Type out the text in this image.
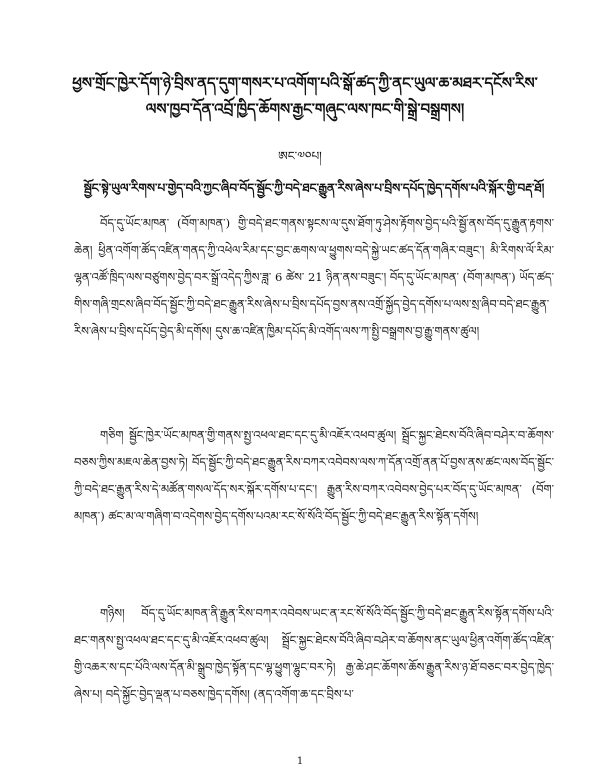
ཕྱས་གྲོང་ཁྱེར་དོག་ཉེ་བྲིས་ནད་དུག་གསར་པ་འགོག་པའི་སྒོ་ཚད་ཀྱི་ནང་ཡུལ་ཆ་མཐར་དངོས་རིས་ལས་ཁྱབ་དོན་འབྲོ་ཁྱིད་ཆོགས་རྒྱང་གཞུང་ལས་ཁང་གི་སྒྲེ་བསྒྲགས།
ཨང་༧༠པ།
སྦྱོང་སྟེ་ཡུལ་རིགས་པ་གྱེད་བའི་ཀྱང་ཞིབ་བོད་སྦྱོང་ཀྱི་བདེ་ཐང་རྒྱུན་རིས་ཞེས་པ་བྲིས་དཔོད་ཁྱེད་དགོས་པའི་སྐོར་གྱི་བརྡ་ཐོ།
བོད་དུ་ཡོང་མཁན་ (བོག་མཁན་) གྱི་བདེ་ཐང་གནས་སྟངས་ལ་དུས་ཐོག་ཏུ་ཤེས་རྟོགས་བྱེད་པའི་སྦྱོ་ནས་བོད་དུ་རྒྱུན་རྟགས་ཆེན། ཕྱིན་འགོག་ཚོད་འཛིན་གནད་ཀྱི་འཕེལ་རིམ་དང་བྱང་ཆགས་ལ་ཕྱུགས་བདེ་སྐྱེ་ཡང་ཚད་དོན་གཞིར་བཟུང་། མི་རིགས་ལོ་རིམ་ལྷན་འཚོ་ཁྲིད་ལས་བཙུགས་བྱེད་བར་སྒྲོ་འདེད་ཀྱིས་ཟླ་ 6 ཚེས་ 21 ཉིན་ནས་བཟུང་། བོད་དུ་ཡོང་མཁན་ (བོག་མཁན་) ཡོད་ཚད་གིས་གཞི་གྲངས་ཞིབ་བོད་སྦྱོང་ཀྱི་བདེ་ཐང་རྒྱུན་རིས་ཞེས་པ་བྲིས་དཔོད་བྱས་ནས་འགྲོ་སྐྱོད་བྱེད་དགོས་པ་ལས་སྲ་ཞིབ་བདེ་ཐང་རྒྱུན་རིས་ཞེས་པ་བྲིས་དཔོད་བྱེད་མི་དགོས། དུས་ཆ་འཛིན་ཁྱིམ་དཔོད་མི་འགོད་ལས་ཀ་སྤྱི་བསྒྲགས་བྱ་རྒྱུ་གནས་ཚུལ།
གཅིག སྦྱོང་ཁྱེར་ཡོང་མཁན་གྱི་གནས་སྤྱ་འཕལ་ཐང་དང་དུ་མི་འཇོར་འཕབ་ཚུལ། སྦྲོང་སྐྱང་ཐེངས་བོའི་ཞིབ་བཤེར་བ་ཆོགས་བཅས་ཀྱིས་མཇལ་ཆེན་བྱས་ཏེ། བོད་སྦྱོང་ཀྱི་བདེ་ཐང་རྒྱུན་རིས་བཀར་འབེབས་ལས་ཀ་དོན་འགྲོ་ནན་པོ་བྱས་ནས་ཚང་ལས་བོད་སྦྱོང་ཀྱི་བདེ་ཐང་རྒྱུན་རིས་དེ་མཚོན་གསལ་དོད་སར་སྐོར་དགོས་པ་དང་། རྒྱུན་རིས་བཀར་འབེབས་བྱེད་པར་བོད་དུ་ཡོང་མཁན་ (བོག་མཁན་) ཚང་མ་ལ་གཞིག་བ་འདེགས་བྱེད་དགོས་པའམ་རང་སོ་སོའི་བོད་སྦྱོང་ཀྱི་བདེ་ཐང་རྒྱུན་རིས་སྟོན་དགོས།
གཉིས། བོད་དུ་ཡོང་མཁན་ནི་རྒྱུན་རིས་བཀར་འབེབས་ཡང་ན་རང་སོ་སོའི་བོད་སྦྱོང་ཀྱི་བདེ་ཐང་རྒྱུན་རིས་སྟོན་དགོས་པའི་ཐང་གནས་སྤྱ་འཕལ་ཐང་དང་དུ་མི་འཇོར་འཕབ་ཚུལ། སྦྲོང་སྐྱང་ཐེངས་བོའི་ཞིབ་བཤེར་བ་ཆོགས་ནང་ཡུལ་ཕྱིན་འགོག་ཚོད་འཛིན་གྱི་འཆར་ས་དང་པོའི་ལས་དོན་མི་སྒྲུབ་ཁྱེད་སྟོན་དང་ལྷ་ཕྱུག་ལྷུང་བར་ཏེ། རྒྱ་ཆེ་ཤང་ཆོགས་ཆོས་རྒྱུན་རིས་ཉ་ཐོ་བཅང་བར་བྱེད་ཁྱེད་ཞེས་པ། བདེ་སྐྱོང་བྱེད་ལྡན་པ་བཅས་ཁྱེད་དགོས། (ནད་འགོག་ཆ་དང་བྲིས་པ་
1
